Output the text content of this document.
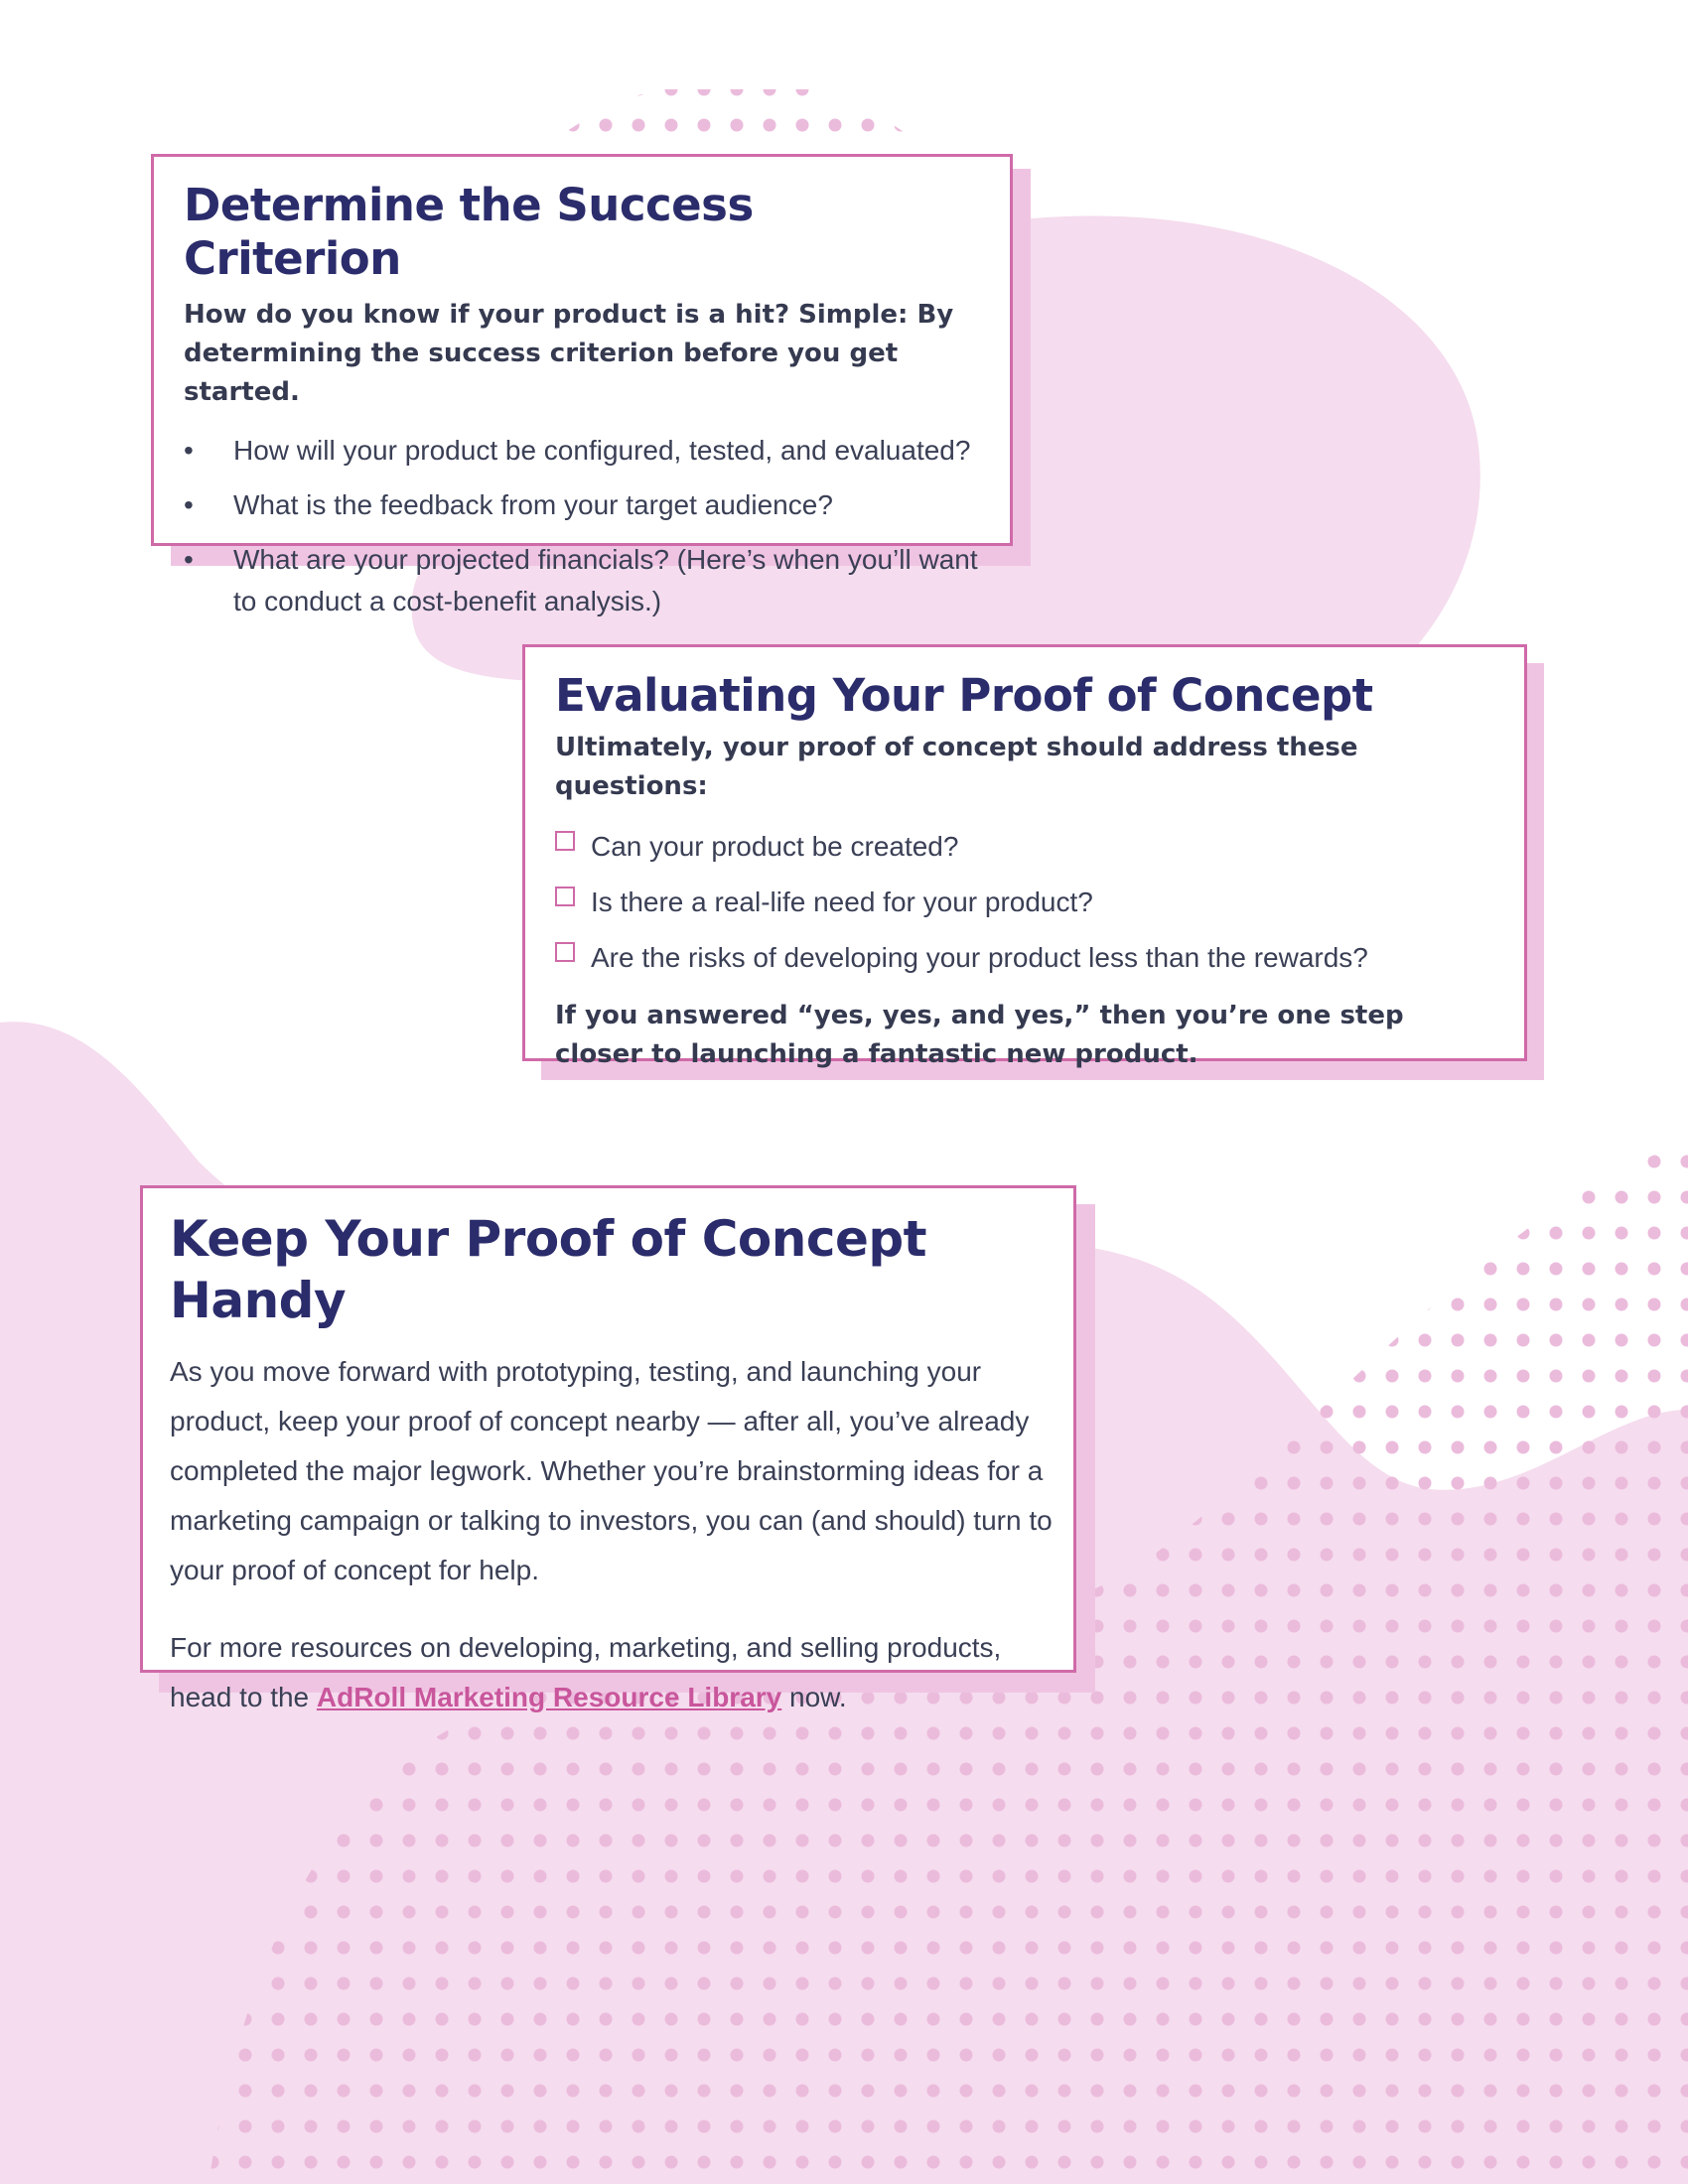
Determine the Success Criterion
How do you know if your product is a hit? Simple: By determining the success criterion before you get started.
• How will your product be configured, tested, and evaluated?
• What is the feedback from your target audience?
• What are your projected financials? (Here’s when you’ll want to conduct a cost-benefit analysis.)
Evaluating Your Proof of Concept
Ultimately, your proof of concept should address these questions:
Can your product be created?
Is there a real-life need for your product?
Are the risks of developing your product less than the rewards?
If you answered “yes, yes, and yes,” then you’re one step closer to launching a fantastic new product.
Keep Your Proof of Concept Handy

As you move forward with prototyping, testing, and launching your product, keep your proof of concept nearby — after all, you’ve already completed the major legwork. Whether you’re brainstorming ideas for a marketing campaign or talking to investors, you can (and should) turn to your proof of concept for help.

For more resources on developing, marketing, and selling products, head to the AdRoll Marketing Resource Library now.
